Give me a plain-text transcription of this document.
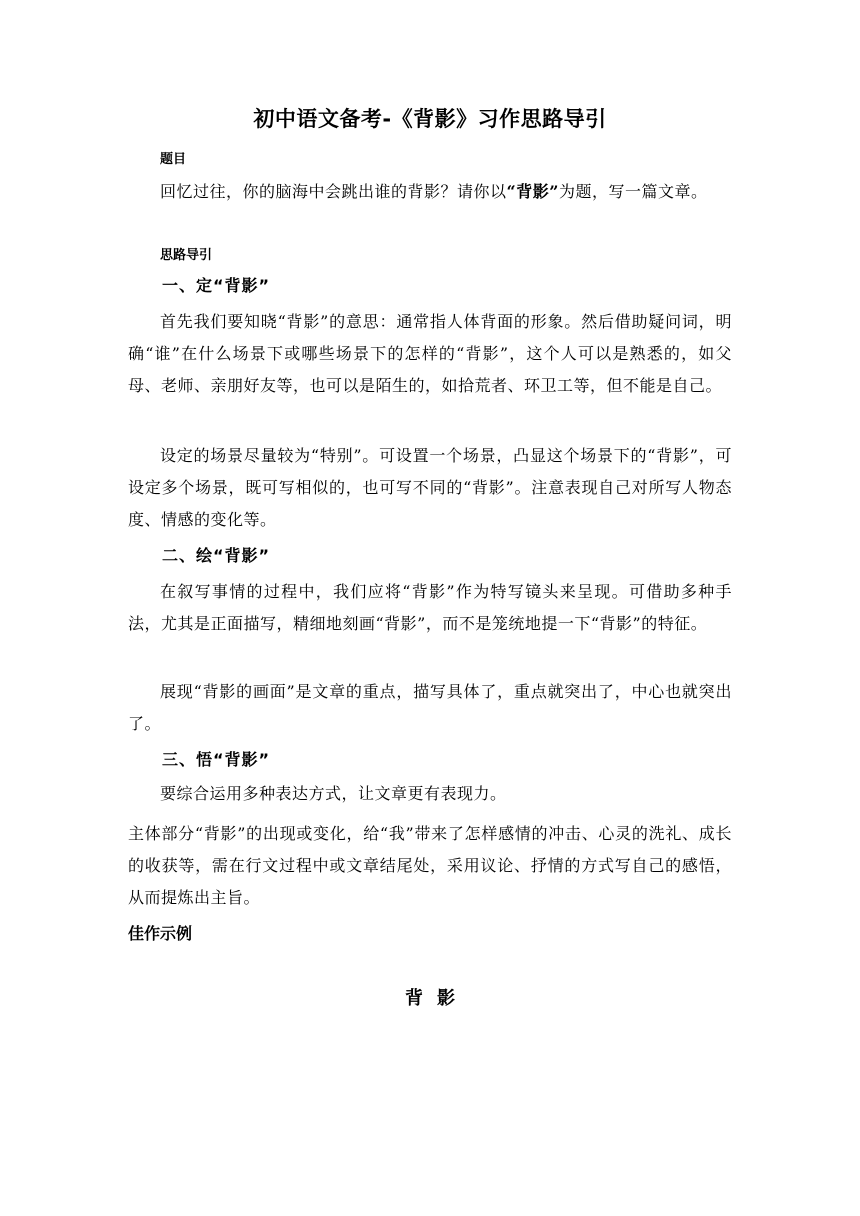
初中语文备考-《背影》习作思路导引

题目

回忆过往，你的脑海中会跳出谁的背影？请你以“背影”为题，写一篇文章。

思路导引

一、定“背影”

首先我们要知晓“背影”的意思：通常指人体背面的形象。然后借助疑问词，明确“谁”在什么场景下或哪些场景下的怎样的“背影”，这个人可以是熟悉的，如父母、老师、亲朋好友等，也可以是陌生的，如拾荒者、环卫工等，但不能是自己。

设定的场景尽量较为“特别”。可设置一个场景，凸显这个场景下的“背影”，可设定多个场景，既可写相似的，也可写不同的“背影”。注意表现自己对所写人物态度、情感的变化等。

二、绘“背影”

在叙写事情的过程中，我们应将“背影”作为特写镜头来呈现。可借助多种手法，尤其是正面描写，精细地刻画“背影”，而不是笼统地提一下“背影”的特征。

展现“背影的画面”是文章的重点，描写具体了，重点就突出了，中心也就突出了。

三、悟“背影”

要综合运用多种表达方式，让文章更有表现力。

主体部分“背影”的出现或变化，给“我”带来了怎样感情的冲击、心灵的洗礼、成长的收获等，需在行文过程中或文章结尾处，采用议论、抒情的方式写自己的感悟，从而提炼出主旨。

佳作示例

背影
